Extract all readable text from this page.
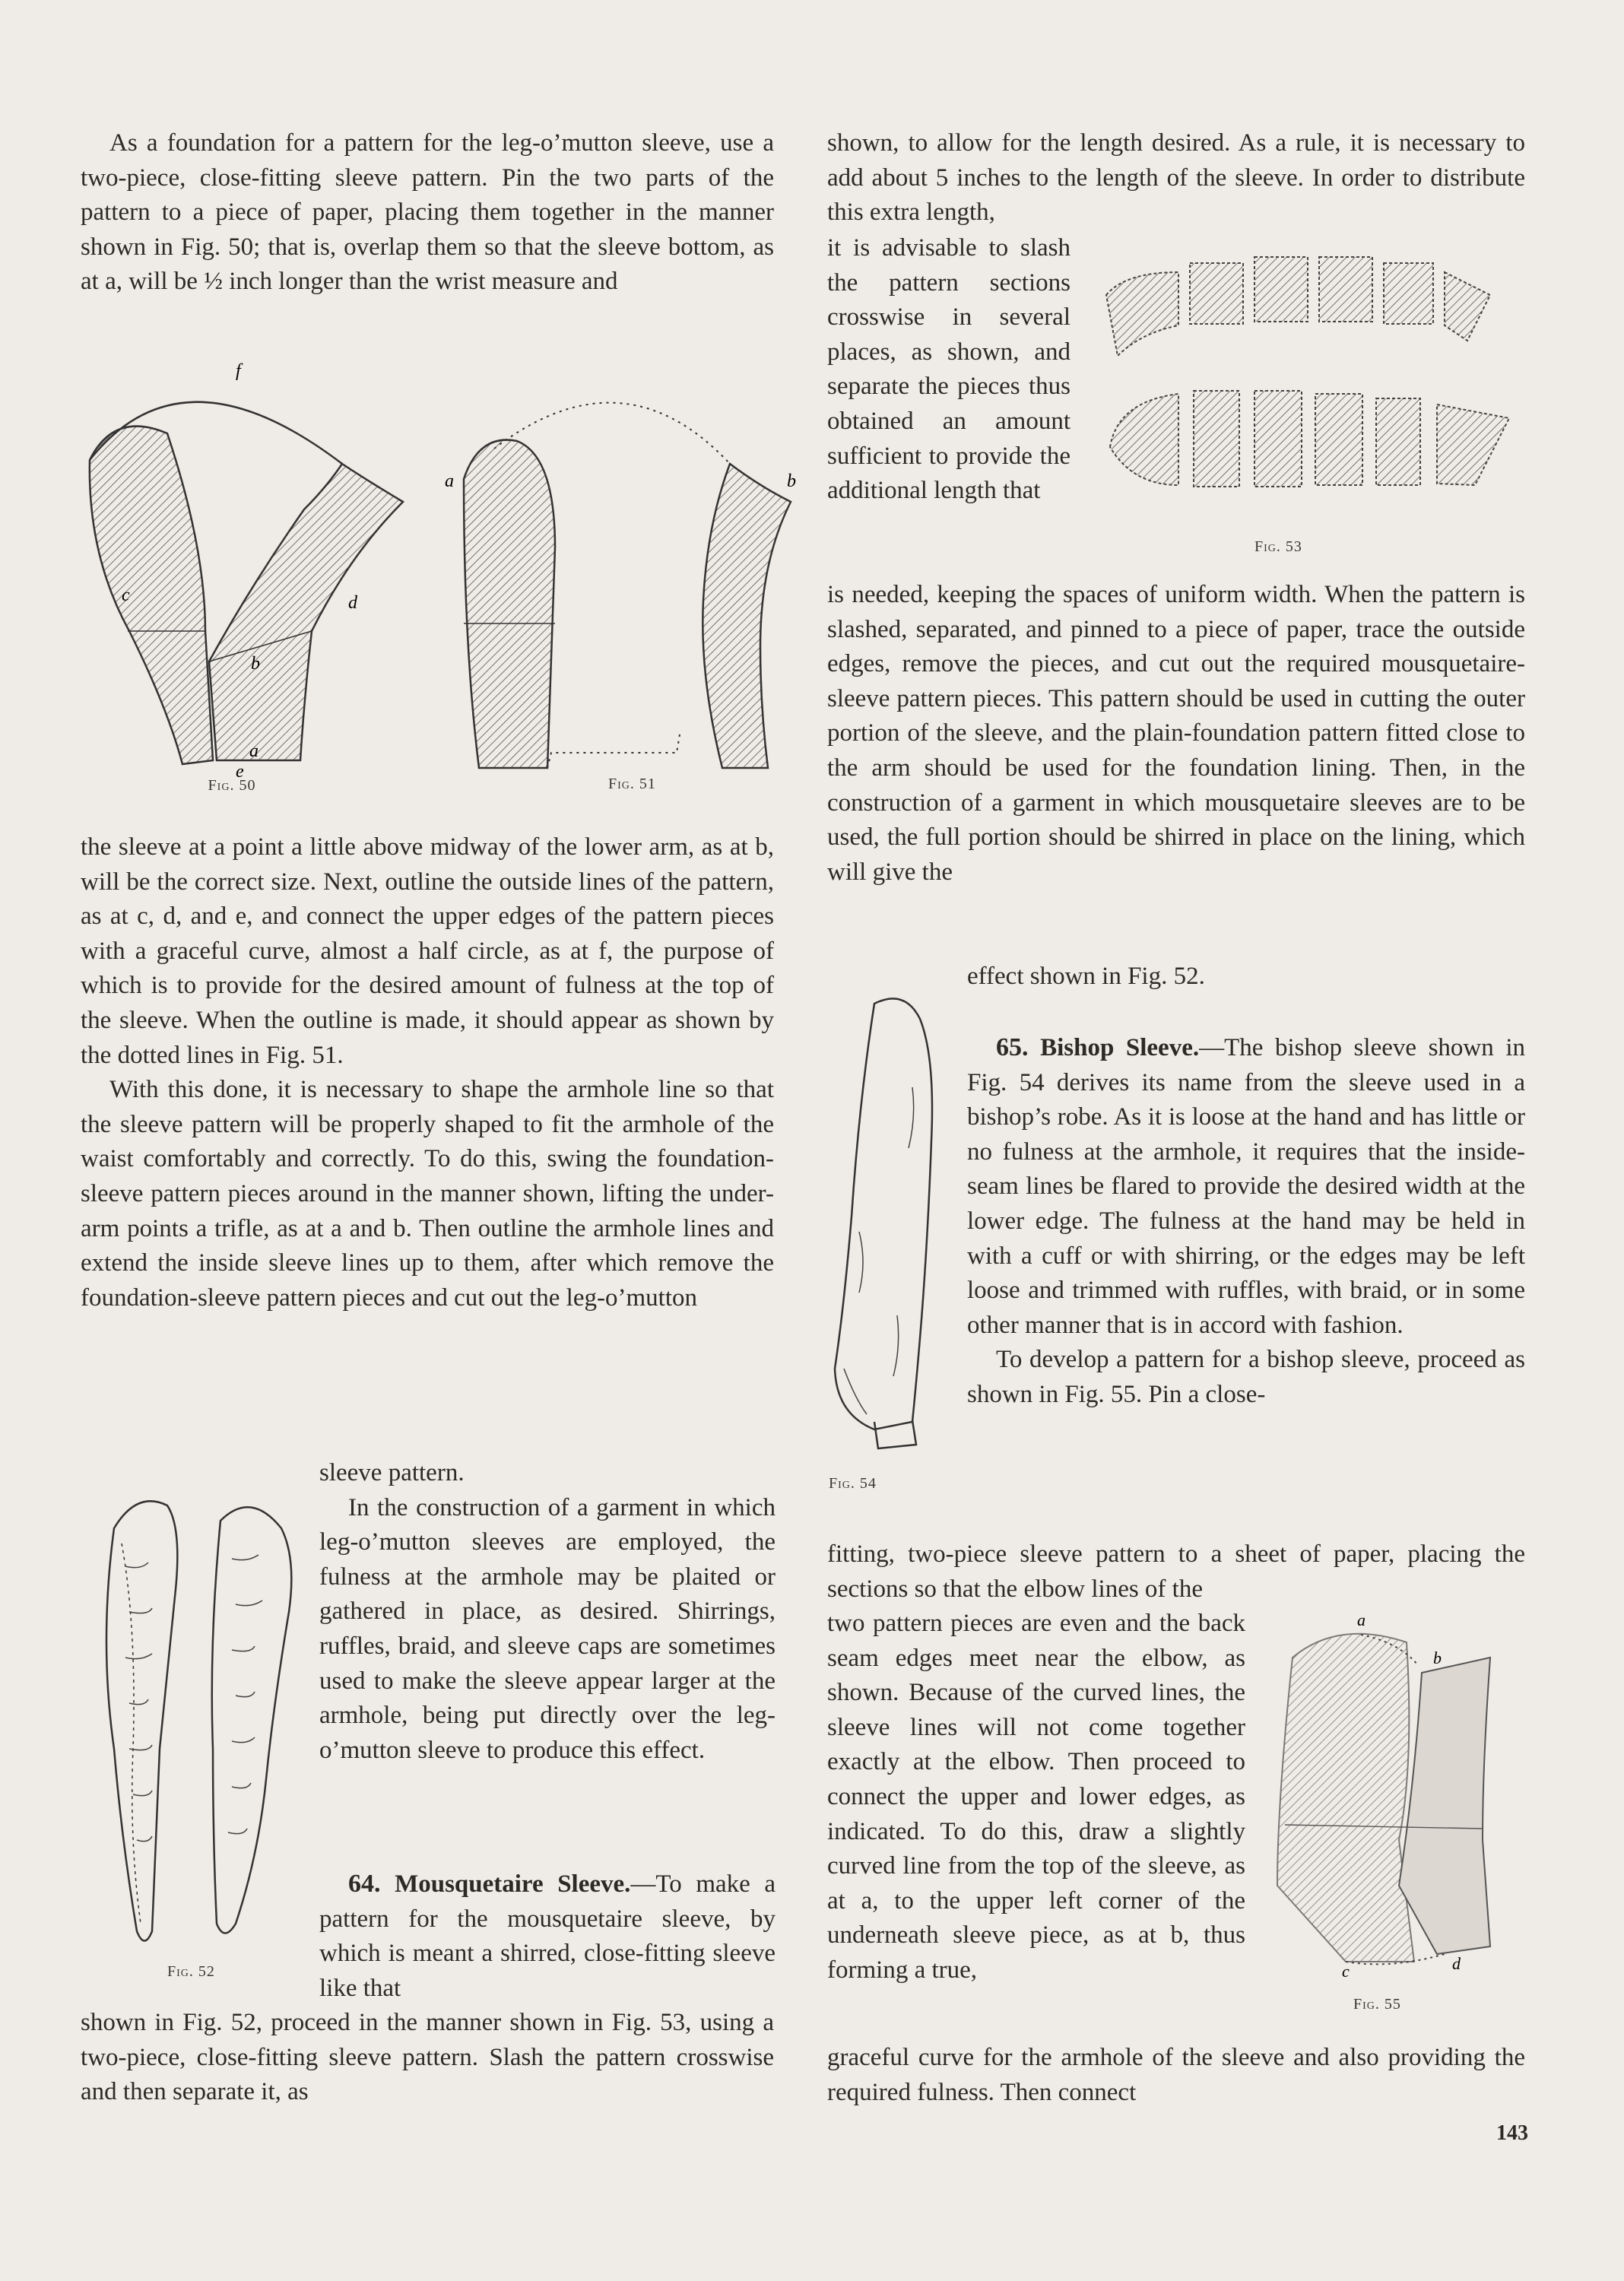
As a foundation for a pattern for the leg-o’mutton sleeve, use a two-piece, close-fitting sleeve pattern. Pin the two parts of the pattern to a piece of paper, placing them together in the manner shown in Fig. 50; that is, overlap them so that the sleeve bottom, as at a, will be ½ inch longer than the wrist measure and

f
c	d
b
a
e
Fig. 50
a	b
Fig. 51

the sleeve at a point a little above midway of the lower arm, as at b, will be the correct size. Next, outline the outside lines of the pattern, as at c, d, and e, and connect the upper edges of the pattern pieces with a graceful curve, almost a half circle, as at f, the purpose of which is to provide for the desired amount of fulness at the top of the sleeve. When the outline is made, it should appear as shown by the dotted lines in Fig. 51.

With this done, it is necessary to shape the armhole line so that the sleeve pattern will be properly shaped to fit the armhole of the waist comfortably and correctly. To do this, swing the foundation-sleeve pattern pieces around in the manner shown, lifting the under-arm points a trifle, as at a and b. Then outline the armhole lines and extend the inside sleeve lines up to them, after which remove the foundation-sleeve pattern pieces and cut out the leg-o’mutton

sleeve pattern.

In the construction of a garment in which leg-o’mutton sleeves are employed, the fulness at the armhole may be plaited or gathered in place, as desired. Shirrings, ruffles, braid, and sleeve caps are sometimes used to make the sleeve appear larger at the armhole, being put directly over the leg-o’mutton sleeve to produce this effect.

Fig. 52

64. Mousquetaire Sleeve.—To make a pattern for the mousquetaire sleeve, by which is meant a shirred, close-fitting sleeve like that

shown in Fig. 52, proceed in the manner shown in Fig. 53, using a two-piece, close-fitting sleeve pattern. Slash the pattern crosswise and then separate it, as

shown, to allow for the length desired. As a rule, it is necessary to add about 5 inches to the length of the sleeve. In order to distribute this extra length,

it is advisable to slash the pattern sections crosswise in several places, as shown, and separate the pieces thus obtained an amount sufficient to provide the additional length that

Fig. 53

is needed, keeping the spaces of uniform width. When the pattern is slashed, separated, and pinned to a piece of paper, trace the outside edges, remove the pieces, and cut out the required mousquetaire-sleeve pattern pieces. This pattern should be used in cutting the outer portion of the sleeve, and the plain-foundation pattern fitted close to the arm should be used for the foundation lining. Then, in the construction of a garment in which mousquetaire sleeves are to be used, the full portion should be shirred in place on the lining, which will give the

effect shown in Fig. 52.

Fig. 54

65. Bishop Sleeve.—The bishop sleeve shown in Fig. 54 derives its name from the sleeve used in a bishop’s robe. As it is loose at the hand and has little or no fulness at the armhole, it requires that the inside-seam lines be flared to provide the desired width at the lower edge. The fulness at the hand may be held in with a cuff or with shirring, or the edges may be left loose and trimmed with ruffles, with braid, or in some other manner that is in accord with fashion.

To develop a pattern for a bishop sleeve, proceed as shown in Fig. 55. Pin a close-

fitting, two-piece sleeve pattern to a sheet of paper, placing the sections so that the elbow lines of the

two pattern pieces are even and the back seam edges meet near the elbow, as shown. Because of the curved lines, the sleeve lines will not come together exactly at the elbow. Then proceed to connect the upper and lower edges, as indicated. To do this, draw a slightly curved line from the top of the sleeve, as at a, to the upper left corner of the underneath sleeve piece, as at b, thus forming a true,

a
b
c	d
Fig. 55

graceful curve for the armhole of the sleeve and also providing the required fulness. Then connect

143
